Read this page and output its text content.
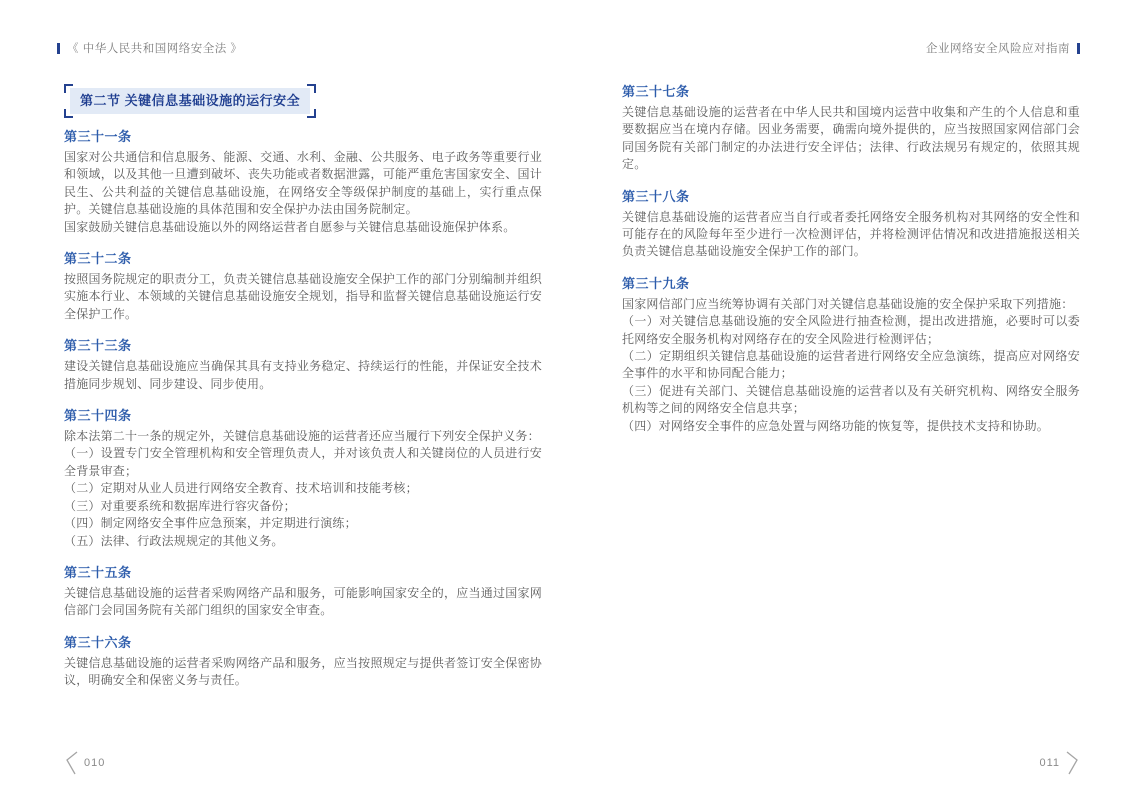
《 中华人民共和国网络安全法 》	企业网络安全风险应对指南
第二节 关键信息基础设施的运行安全
第三十一条

国家对公共通信和信息服务、能源、交通、水利、金融、公共服务、电子政务等重要行业和领域，以及其他一旦遭到破坏、丧失功能或者数据泄露，可能严重危害国家安全、国计民生、公共利益的关键信息基础设施，在网络安全等级保护制度的基础上，实行重点保护。关键信息基础设施的具体范围和安全保护办法由国务院制定。

国家鼓励关键信息基础设施以外的网络运营者自愿参与关键信息基础设施保护体系。

第三十二条

按照国务院规定的职责分工，负责关键信息基础设施安全保护工作的部门分别编制并组织实施本行业、本领域的关键信息基础设施安全规划，指导和监督关键信息基础设施运行安全保护工作。

第三十三条

建设关键信息基础设施应当确保其具有支持业务稳定、持续运行的性能，并保证安全技术措施同步规划、同步建设、同步使用。

第三十四条

除本法第二十一条的规定外，关键信息基础设施的运营者还应当履行下列安全保护义务：

（一）设置专门安全管理机构和安全管理负责人，并对该负责人和关键岗位的人员进行安全背景审查；

（二）定期对从业人员进行网络安全教育、技术培训和技能考核；

（三）对重要系统和数据库进行容灾备份；

（四）制定网络安全事件应急预案，并定期进行演练；

（五）法律、行政法规规定的其他义务。

第三十五条

关键信息基础设施的运营者采购网络产品和服务，可能影响国家安全的，应当通过国家网信部门会同国务院有关部门组织的国家安全审查。

第三十六条

关键信息基础设施的运营者采购网络产品和服务，应当按照规定与提供者签订安全保密协议，明确安全和保密义务与责任。

第三十七条

关键信息基础设施的运营者在中华人民共和国境内运营中收集和产生的个人信息和重要数据应当在境内存储。因业务需要，确需向境外提供的，应当按照国家网信部门会同国务院有关部门制定的办法进行安全评估；法律、行政法规另有规定的，依照其规定。

第三十八条

关键信息基础设施的运营者应当自行或者委托网络安全服务机构对其网络的安全性和可能存在的风险每年至少进行一次检测评估，并将检测评估情况和改进措施报送相关负责关键信息基础设施安全保护工作的部门。

第三十九条

国家网信部门应当统筹协调有关部门对关键信息基础设施的安全保护采取下列措施：

（一）对关键信息基础设施的安全风险进行抽查检测，提出改进措施，必要时可以委托网络安全服务机构对网络存在的安全风险进行检测评估；

（二）定期组织关键信息基础设施的运营者进行网络安全应急演练，提高应对网络安全事件的水平和协同配合能力；

（三）促进有关部门、关键信息基础设施的运营者以及有关研究机构、网络安全服务机构等之间的网络安全信息共享；

（四）对网络安全事件的应急处置与网络功能的恢复等，提供技术支持和协助。

010	011
